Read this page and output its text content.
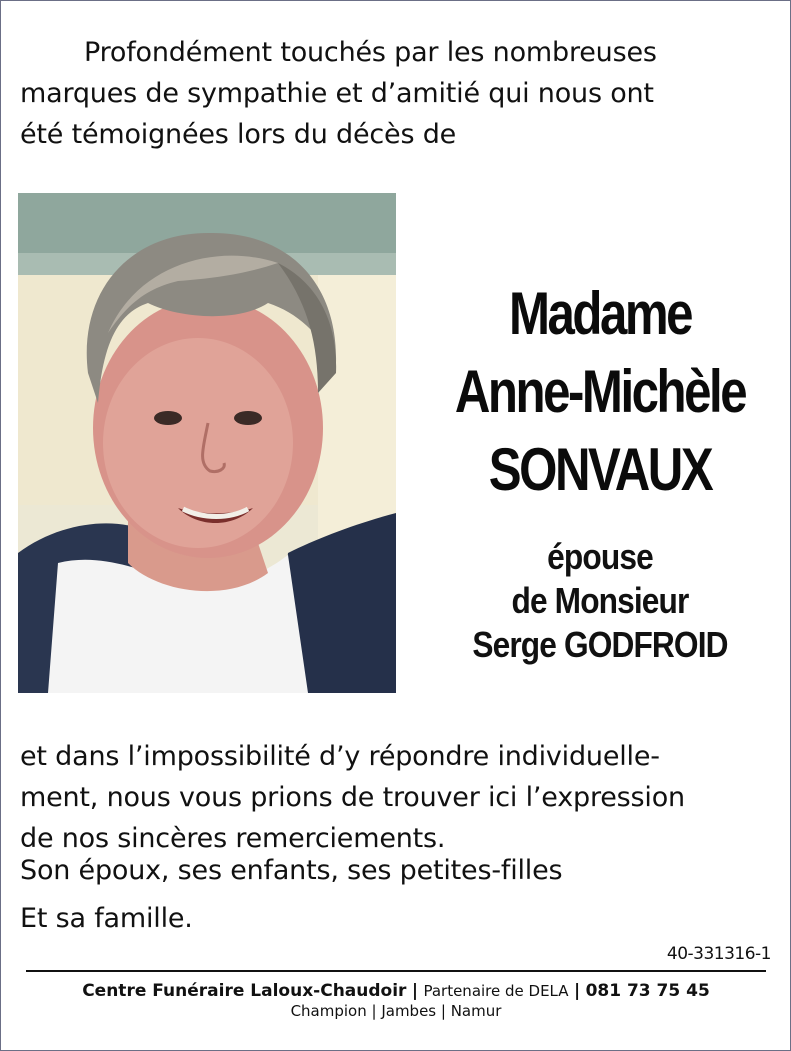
Profondément touchés par les nombreuses
marques de sympathie et d’amitié qui nous ont
été témoignées lors du décès de
Madame
Anne-Michèle
SONVAUX
épouse
de Monsieur
Serge GODFROID
et dans l’impossibilité d’y répondre individuelle-
ment, nous vous prions de trouver ici l’expression
de nos sincères remerciements.
Son époux, ses enfants, ses petites-filles
Et sa famille.
40-331316-1
Centre Funéraire Laloux-Chaudoir | Partenaire de DELA | 081 73 75 45
Champion | Jambes | Namur
